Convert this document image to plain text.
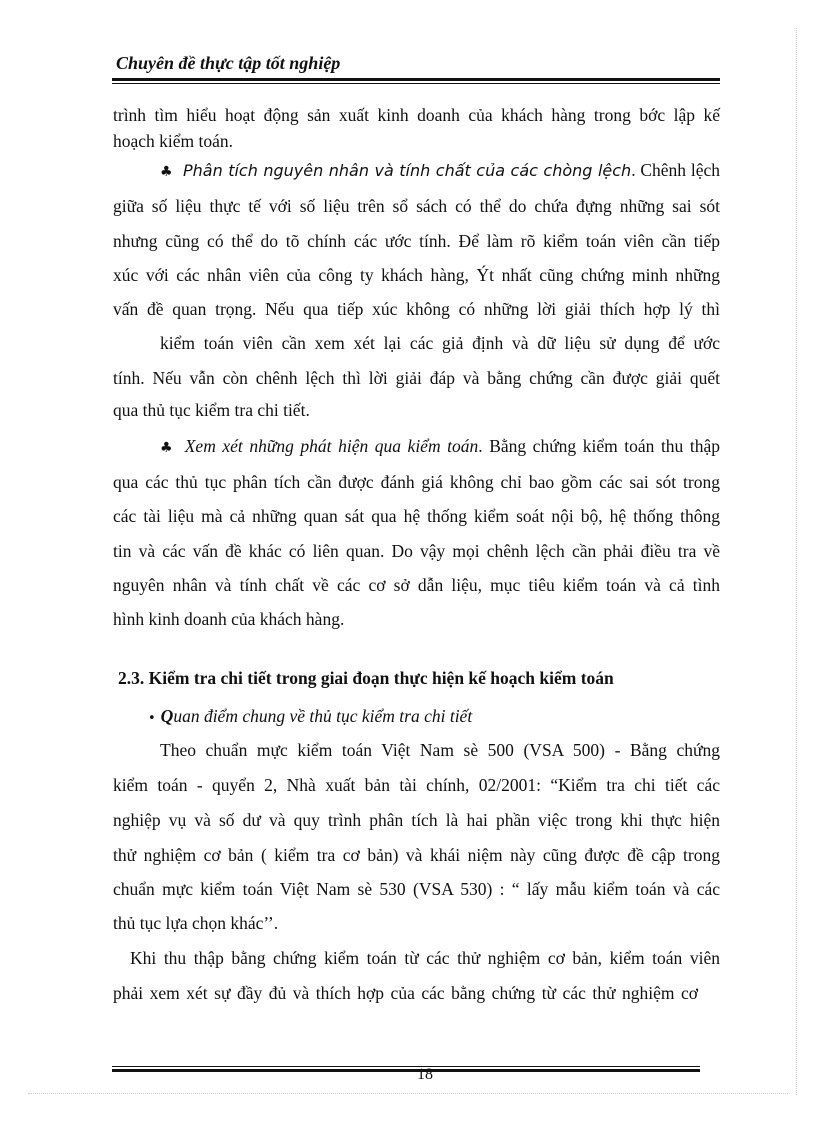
Chuyên đề thực tập tốt nghiệp
trình tìm hiểu hoạt động sản xuất kinh doanh của khách hàng trong bớc lập kế
hoạch kiểm toán.
♣ Phân tích nguyên nhân và tính chất của các chòng lệch. Chênh lệch
giữa số liệu thực tế với số liệu trên sổ sách có thể do chứa đựng những sai sót
nhưng cũng có thể do tõ chính các ước tính. Để làm rõ kiểm toán viên cần tiếp
xúc với các nhân viên của công ty khách hàng, Ýt nhất cũng chứng minh những
vấn đề quan trọng. Nếu qua tiếp xúc không có những lời giải thích hợp lý thì
kiểm toán viên cần xem xét lại các giả định và dữ liệu sử dụng để ước
tính. Nếu vẫn còn chênh lệch thì lời giải đáp và bằng chứng cần được giải quết
qua thủ tục kiểm tra chi tiết.
♣ Xem xét những phát hiện qua kiểm toán. Bằng chứng kiểm toán thu thập
qua các thủ tục phân tích cần được đánh giá không chỉ bao gồm các sai sót trong
các tài liệu mà cả những quan sát qua hệ thống kiểm soát nội bộ, hệ thống thông
tin và các vấn đề khác có liên quan. Do vậy mọi chênh lệch cần phải điều tra về
nguyên nhân và tính chất về các cơ sở dẫn liệu, mục tiêu kiểm toán và cả tình
hình kinh doanh của khách hàng.
2.3. Kiểm tra chi tiết trong giai đoạn thực hiện kế hoạch kiểm toán
• Quan điểm chung về thủ tục kiểm tra chi tiết
Theo chuẩn mực kiểm toán Việt Nam sè 500 (VSA 500) - Bằng chứng
kiểm toán - quyển 2, Nhà xuất bản tài chính, 02/2001: “Kiểm tra chi tiết các
nghiệp vụ và số dư và quy trình phân tích là hai phần việc trong khi thực hiện
thử nghiệm cơ bản ( kiểm tra cơ bản) và khái niệm này cũng được đề cập trong
chuẩn mực kiểm toán Việt Nam sè 530 (VSA 530) : “ lấy mẫu kiểm toán và các
thủ tục lựa chọn khác’’.
Khi thu thập bằng chứng kiểm toán từ các thử nghiệm cơ bản, kiểm toán viên
phải xem xét sự đầy đủ và thích hợp của các bằng chứng từ các thử nghiệm cơ
18
